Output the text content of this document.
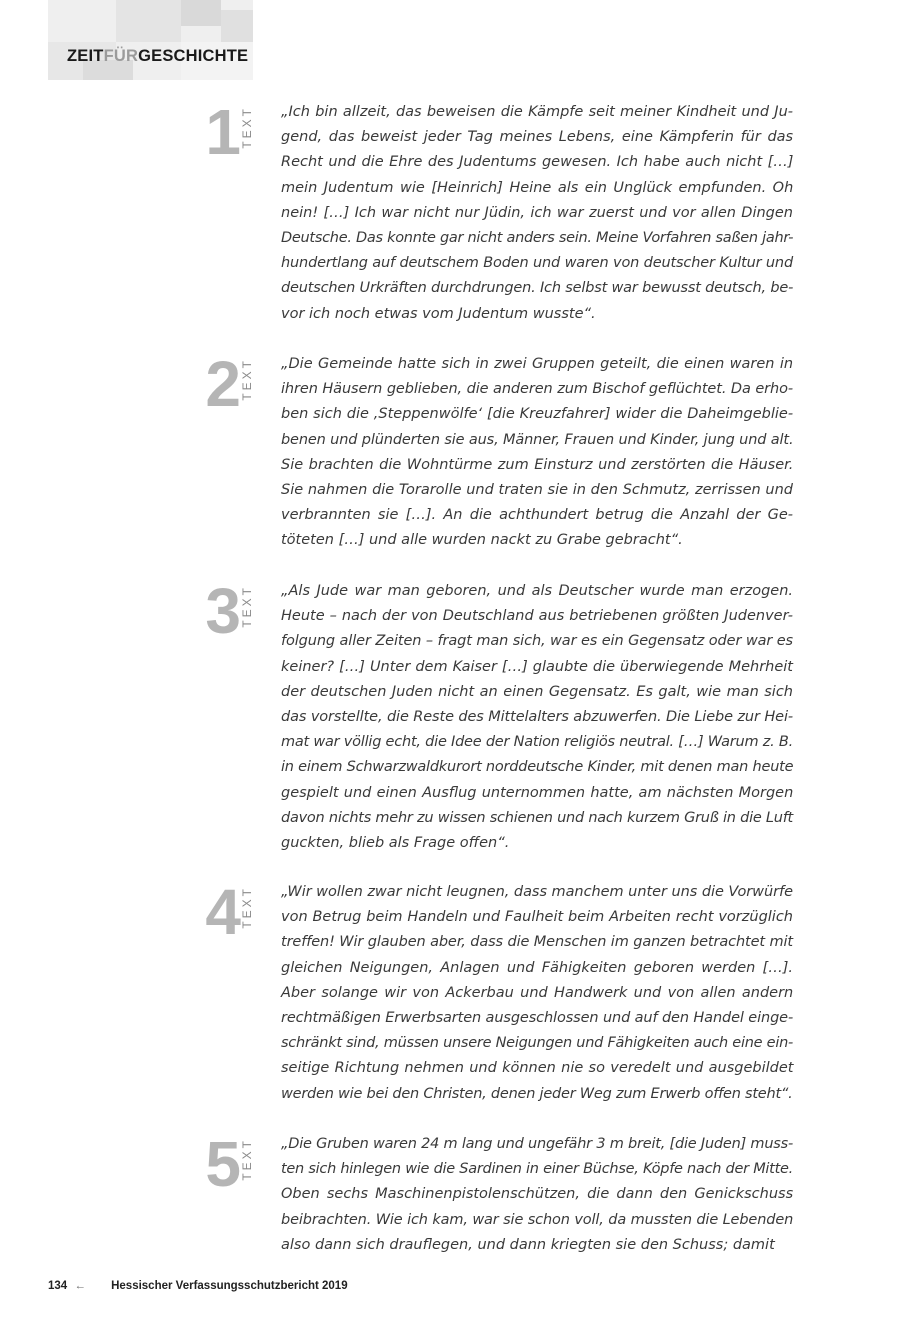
ZEITFÜRGESCHICHTE
1 TEXT „Ich bin allzeit, das beweisen die Kämpfe seit meiner Kindheit und Ju-
gend, das beweist jeder Tag meines Lebens, eine Kämpferin für das
Recht und die Ehre des Judentums gewesen. Ich habe auch nicht […]
mein Judentum wie [Heinrich] Heine als ein Unglück empfunden. Oh
nein! […] Ich war nicht nur Jüdin, ich war zuerst und vor allen Dingen
Deutsche. Das konnte gar nicht anders sein. Meine Vorfahren saßen jahr-
hundertlang auf deutschem Boden und waren von deutscher Kultur und
deutschen Urkräften durchdrungen. Ich selbst war bewusst deutsch, be-
vor ich noch etwas vom Judentum wusste“.
2 TEXT „Die Gemeinde hatte sich in zwei Gruppen geteilt, die einen waren in
ihren Häusern geblieben, die anderen zum Bischof geflüchtet. Da erho-
ben sich die ‚Steppenwölfe‘ [die Kreuzfahrer] wider die Daheimgeblie-
benen und plünderten sie aus, Männer, Frauen und Kinder, jung und alt.
Sie brachten die Wohntürme zum Einsturz und zerstörten die Häuser.
Sie nahmen die Torarolle und traten sie in den Schmutz, zerrissen und
verbrannten sie […]. An die achthundert betrug die Anzahl der Ge-
töteten […] und alle wurden nackt zu Grabe gebracht“.
3 TEXT „Als Jude war man geboren, und als Deutscher wurde man erzogen.
Heute – nach der von Deutschland aus betriebenen größten Judenver-
folgung aller Zeiten – fragt man sich, war es ein Gegensatz oder war es
keiner? […] Unter dem Kaiser […] glaubte die überwiegende Mehrheit
der deutschen Juden nicht an einen Gegensatz. Es galt, wie man sich
das vorstellte, die Reste des Mittelalters abzuwerfen. Die Liebe zur Hei-
mat war völlig echt, die Idee der Nation religiös neutral. […] Warum z. B.
in einem Schwarzwaldkurort norddeutsche Kinder, mit denen man heute
gespielt und einen Ausflug unternommen hatte, am nächsten Morgen
davon nichts mehr zu wissen schienen und nach kurzem Gruß in die Luft
guckten, blieb als Frage offen“.
4 TEXT „Wir wollen zwar nicht leugnen, dass manchem unter uns die Vorwürfe
von Betrug beim Handeln und Faulheit beim Arbeiten recht vorzüglich
treffen! Wir glauben aber, dass die Menschen im ganzen betrachtet mit
gleichen Neigungen, Anlagen und Fähigkeiten geboren werden […].
Aber solange wir von Ackerbau und Handwerk und von allen andern
rechtmäßigen Erwerbsarten ausgeschlossen und auf den Handel einge-
schränkt sind, müssen unsere Neigungen und Fähigkeiten auch eine ein-
seitige Richtung nehmen und können nie so veredelt und ausgebildet
werden wie bei den Christen, denen jeder Weg zum Erwerb offen steht“.
5 TEXT „Die Gruben waren 24 m lang und ungefähr 3 m breit, [die Juden] muss-
ten sich hinlegen wie die Sardinen in einer Büchse, Köpfe nach der Mitte.
Oben sechs Maschinenpistolenschützen, die dann den Genickschuss
beibrachten. Wie ich kam, war sie schon voll, da mussten die Lebenden
also dann sich drauflegen, und dann kriegten sie den Schuss; damit
134 ← Hessischer Verfassungsschutzbericht 2019
